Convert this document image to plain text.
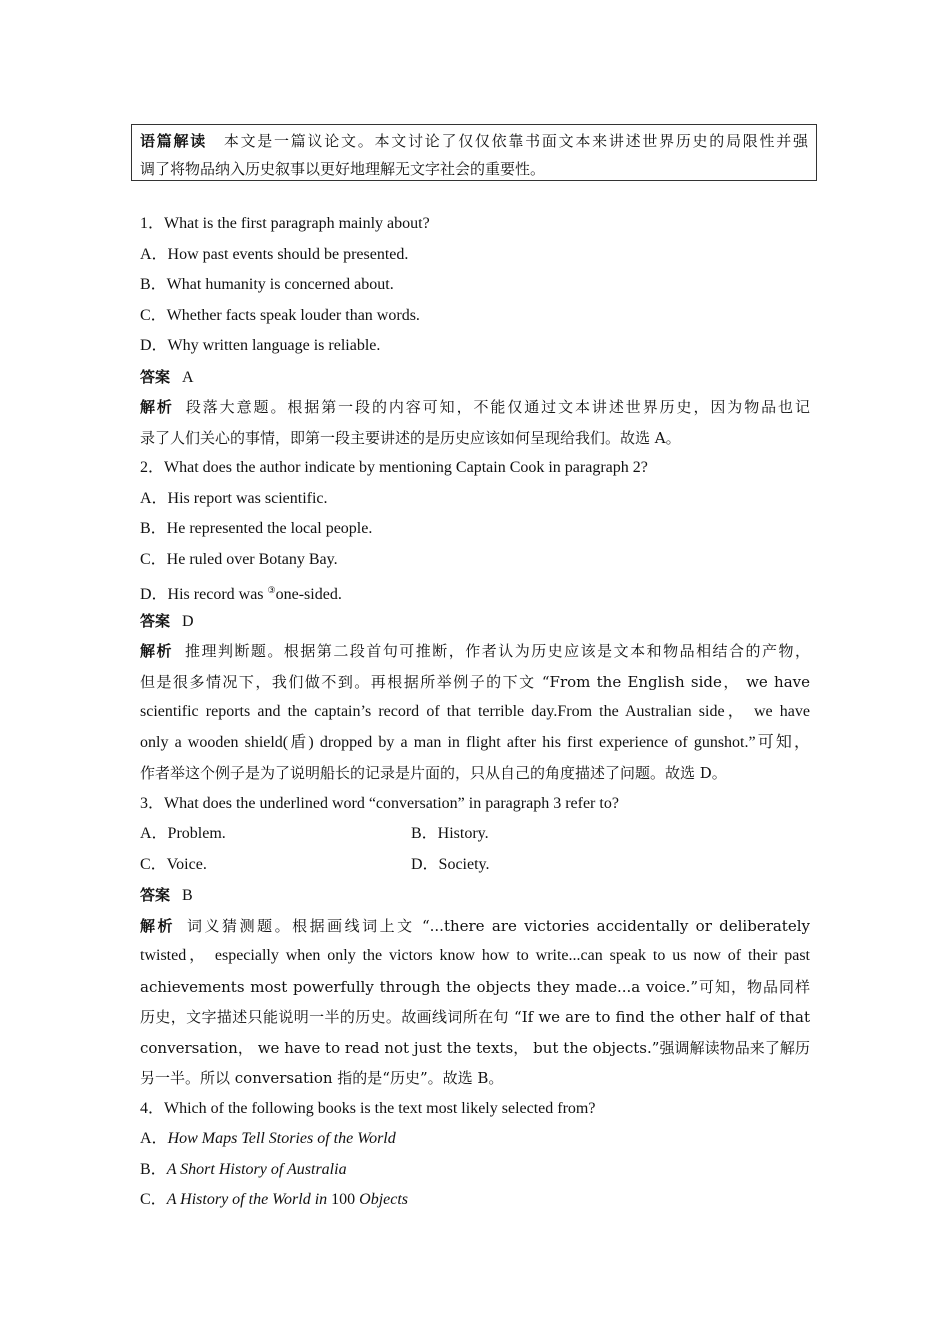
语篇解读 本文是一篇议论文。本文讨论了仅仅依靠书面文本来讲述世界历史的局限性并强
调了将物品纳入历史叙事以更好地理解无文字社会的重要性。
1．What is the first paragraph mainly about?
A．How past events should be presented.
B．What humanity is concerned about.
C．Whether facts speak louder than words.
D．Why written language is reliable.
答案 A
解析 段落大意题。根据第一段的内容可知，不能仅通过文本讲述世界历史，因为物品也记
录了人们关心的事情，即第一段主要讲述的是历史应该如何呈现给我们。故选 A。
2．What does the author indicate by mentioning Captain Cook in paragraph 2?
A．His report was scientific.
B．He represented the local people.
C．He ruled over Botany Bay.
D．His record was ③one-sided.
答案 D
解析 推理判断题。根据第二段首句可推断，作者认为历史应该是文本和物品相结合的产物，
但是很多情况下，我们做不到。再根据所举例子的下文 “From the English side， we have
scientific reports and the captain’s record of that terrible day.From the Australian side， we have
only a wooden shield(盾) dropped by a man in flight after his first experience of gunshot.”可知，
作者举这个例子是为了说明船长的记录是片面的，只从自己的角度描述了问题。故选 D。
3．What does the underlined word “conversation” in paragraph 3 refer to?
A．Problem.	B．History.
C．Voice.	D．Society.
答案 B
解析 词义猜测题。根据画线词上文 “...there are victories accidentally or deliberately
twisted， especially when only the victors know how to write...can speak to us now of their past
achievements most powerfully through the objects they made...a voice.”可知，物品同样
历史，文字描述只能说明一半的历史。故画线词所在句 “If we are to find the other half of that
conversation， we have to read not just the texts， but the objects.”强调解读物品来了解历
另一半。所以 conversation 指的是“历史”。故选 B。
4．Which of the following books is the text most likely selected from?
A．How Maps Tell Stories of the World
B．A Short History of Australia
C．A History of the World in 100 Objects
